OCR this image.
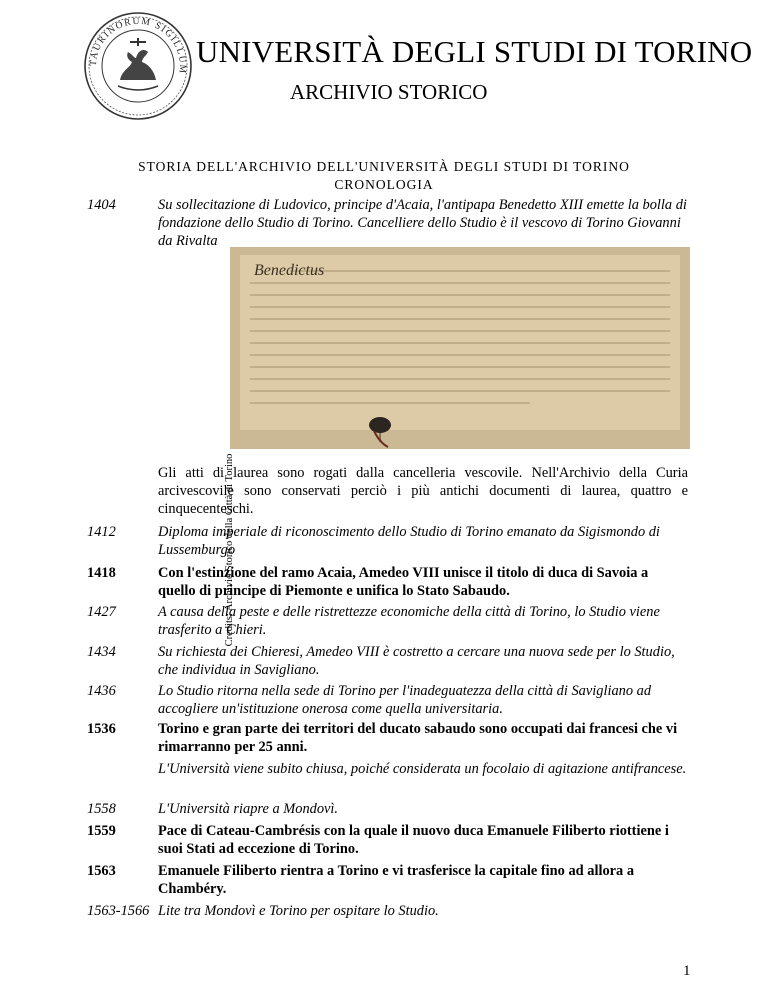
TAURINORUM SIGILLUM
UNIVERSITÀ DEGLI STUDI DI TORINO
ARCHIVIO STORICO
STORIA DELL'ARCHIVIO DELL'UNIVERSITÀ DEGLI STUDI DI TORINO
CRONOLOGIA
1404	Su sollecitazione di Ludovico, principe d'Acaia, l'antipapa Benedetto XIII emette la bolla di fondazione dello Studio di Torino. Cancelliere dello Studio è il vescovo di Torino Giovanni da Rivalta
Benedictus
Credits: Archivio Storico della Città di Torino
Gli atti di laurea sono rogati dalla cancelleria vescovile. Nell'Archivio della Curia arcivescovile sono conservati perciò i più antichi documenti di laurea, quattro e cinquecenteschi.
1412	Diploma imperiale di riconoscimento dello Studio di Torino emanato da Sigismondo di Lussemburgo
1418	Con l'estinzione del ramo Acaia, Amedeo VIII unisce il titolo di duca di Savoia a quello di principe di Piemonte e unifica lo Stato Sabaudo.
1427	A causa della peste e delle ristrettezze economiche della città di Torino, lo Studio viene trasferito a Chieri.
1434	Su richiesta dei Chieresi, Amedeo VIII è costretto a cercare una nuova sede per lo Studio, che individua in Savigliano.
1436	Lo Studio ritorna nella sede di Torino per l'inadeguatezza della città di Savigliano ad accogliere un'istituzione onerosa come quella universitaria.
1536	Torino e gran parte dei territori del ducato sabaudo sono occupati dai francesi che vi rimarranno per 25 anni.
L'Università viene subito chiusa, poiché considerata un focolaio di agitazione antifrancese.
1558	L'Università riapre a Mondovì.
1559	Pace di Cateau-Cambrésis con la quale il nuovo duca Emanuele Filiberto riottiene i suoi Stati ad eccezione di Torino.
1563	Emanuele Filiberto rientra a Torino e vi trasferisce la capitale fino ad allora a Chambéry.
1563-1566 Lite tra Mondovì e Torino per ospitare lo Studio.
1
